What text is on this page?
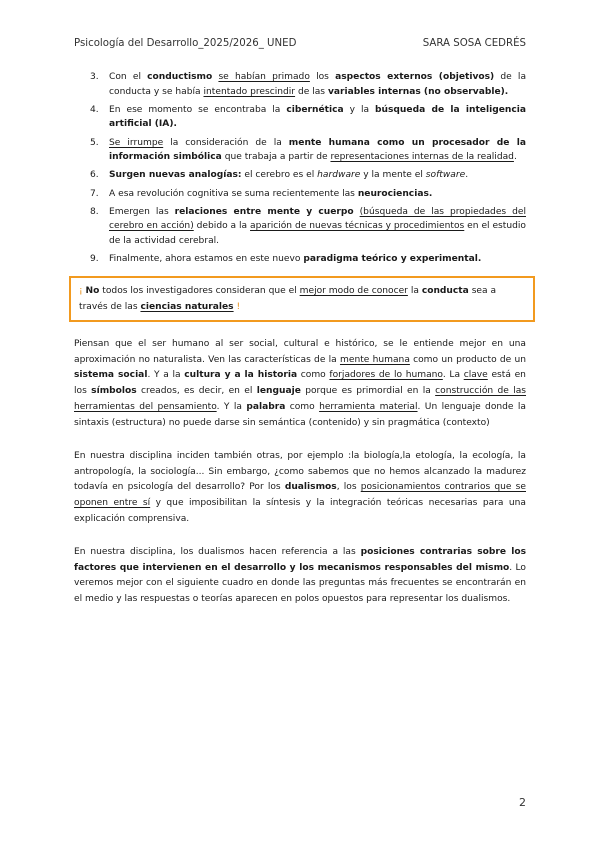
Psicología del Desarrollo_2025/2026_ UNED	SARA SOSA CEDRÉS
3. Con el conductismo se habían primado los aspectos externos (objetivos) de la conducta y se había intentado prescindir de las variables internas (no observable).
4. En ese momento se encontraba la cibernética y la búsqueda de la inteligencia artificial (IA).
5. Se irrumpe la consideración de la mente humana como un procesador de la información simbólica que trabaja a partir de representaciones internas de la realidad.
6. Surgen nuevas analogías: el cerebro es el hardware y la mente el software.
7. A esa revolución cognitiva se suma recientemente las neurociencias.
8. Emergen las relaciones entre mente y cuerpo (búsqueda de las propiedades del cerebro en acción) debido a la aparición de nuevas técnicas y procedimientos en el estudio de la actividad cerebral.
9. Finalmente, ahora estamos en este nuevo paradigma teórico y experimental.
¡ No todos los investigadores consideran que el mejor modo de conocer la conducta sea a través de las ciencias naturales !

Piensan que el ser humano al ser social, cultural e histórico, se le entiende mejor en una aproximación no naturalista. Ven las características de la mente humana como un producto de un sistema social. Y a la cultura y a la historia como forjadores de lo humano. La clave está en los símbolos creados, es decir, en el lenguaje porque es primordial en la construcción de las herramientas del pensamiento. Y la palabra como herramienta material. Un lenguaje donde la sintaxis (estructura) no puede darse sin semántica (contenido) y sin pragmática (contexto)

En nuestra disciplina inciden también otras, por ejemplo :la biología,la etología, la ecología, la antropología, la sociología... Sin embargo, ¿como sabemos que no hemos alcanzado la madurez todavía en psicología del desarrollo? Por los dualismos, los posicionamientos contrarios que se oponen entre sí y que imposibilitan la síntesis y la integración teóricas necesarias para una explicación comprensiva.

En nuestra disciplina, los dualismos hacen referencia a las posiciones contrarias sobre los factores que intervienen en el desarrollo y los mecanismos responsables del mismo. Lo veremos mejor con el siguiente cuadro en donde las preguntas más frecuentes se encontrarán en el medio y las respuestas o teorías aparecen en polos opuestos para representar los dualismos.

2
